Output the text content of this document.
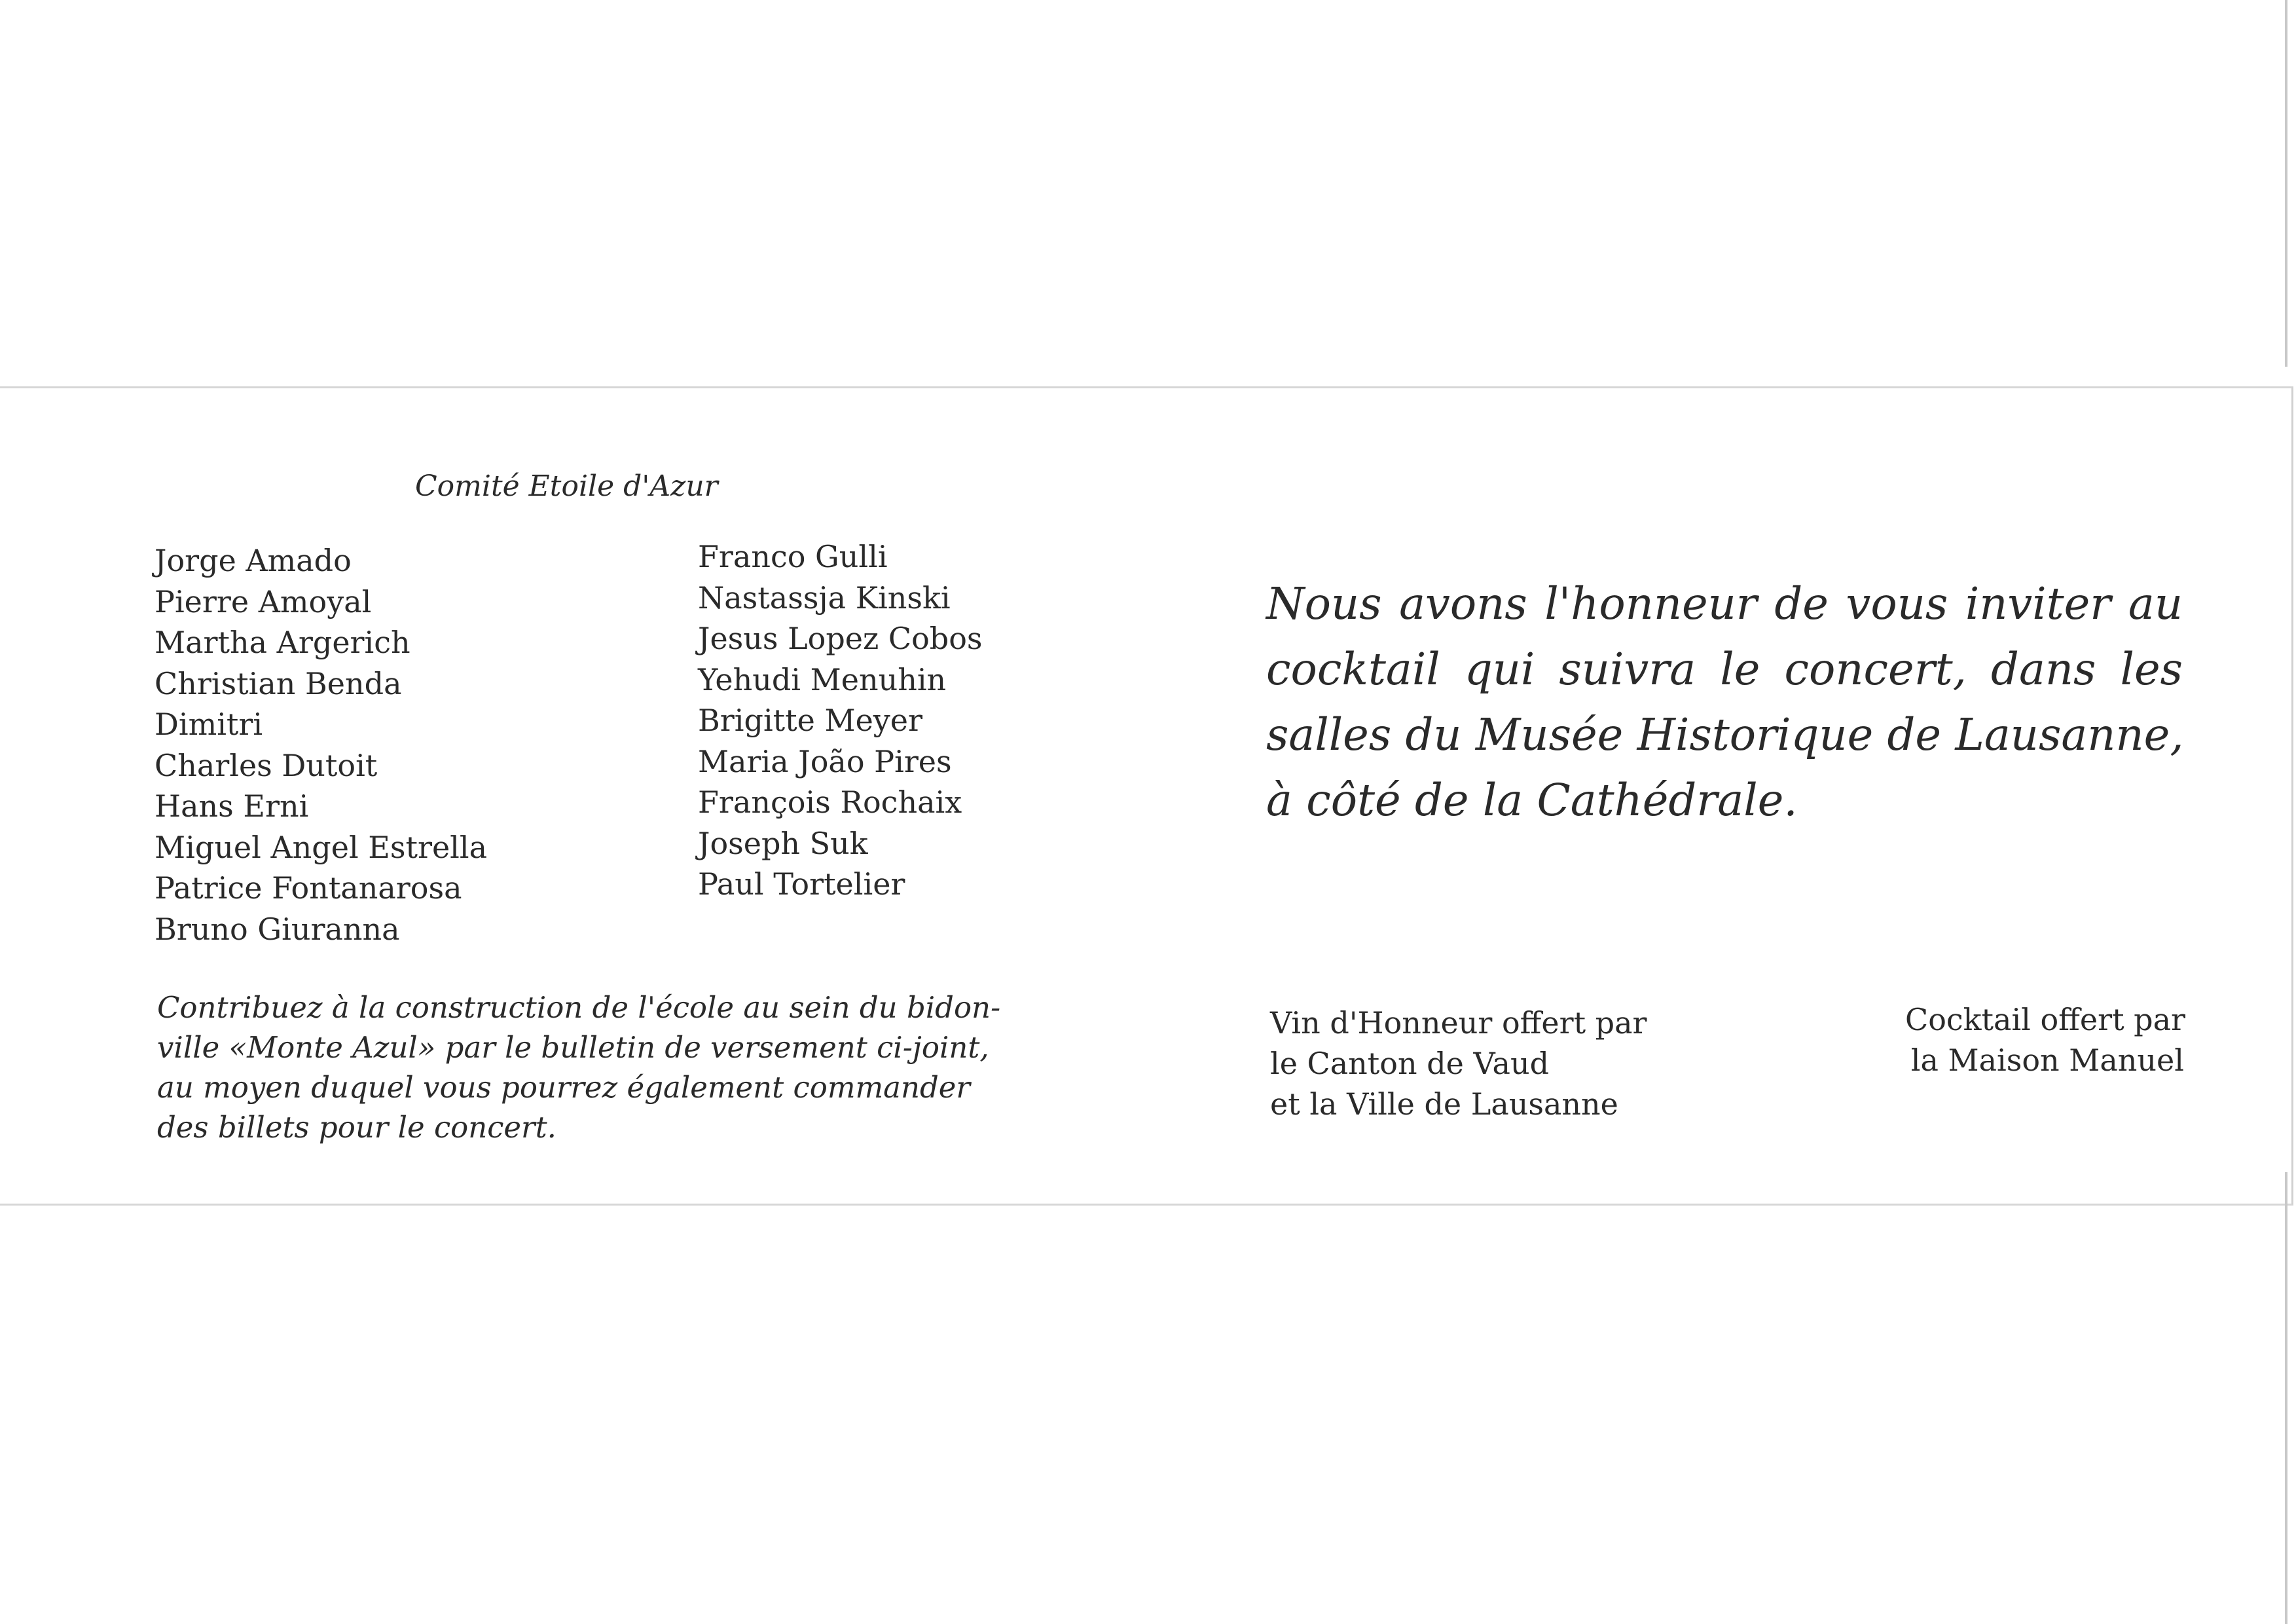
Comité Etoile d'Azur
Jorge Amado
Pierre Amoyal
Martha Argerich
Christian Benda
Dimitri
Charles Dutoit
Hans Erni
Miguel Angel Estrella
Patrice Fontanarosa
Bruno Giuranna
Franco Gulli
Nastassja Kinski
Jesus Lopez Cobos
Yehudi Menuhin
Brigitte Meyer
Maria João Pires
François Rochaix
Joseph Suk
Paul Tortelier

Contribuez à la construction de l'école au sein du bidon-
ville «Monte Azul» par le bulletin de versement ci-joint,
au moyen duquel vous pourrez également commander
des billets pour le concert.

Nous avons l'honneur de vous inviter au
cocktail qui suivra le concert, dans les
salles du Musée Historique de Lausanne,
à côté de la Cathédrale.

Vin d'Honneur offert par
le Canton de Vaud
et la Ville de Lausanne

Cocktail offert par
la Maison Manuel
